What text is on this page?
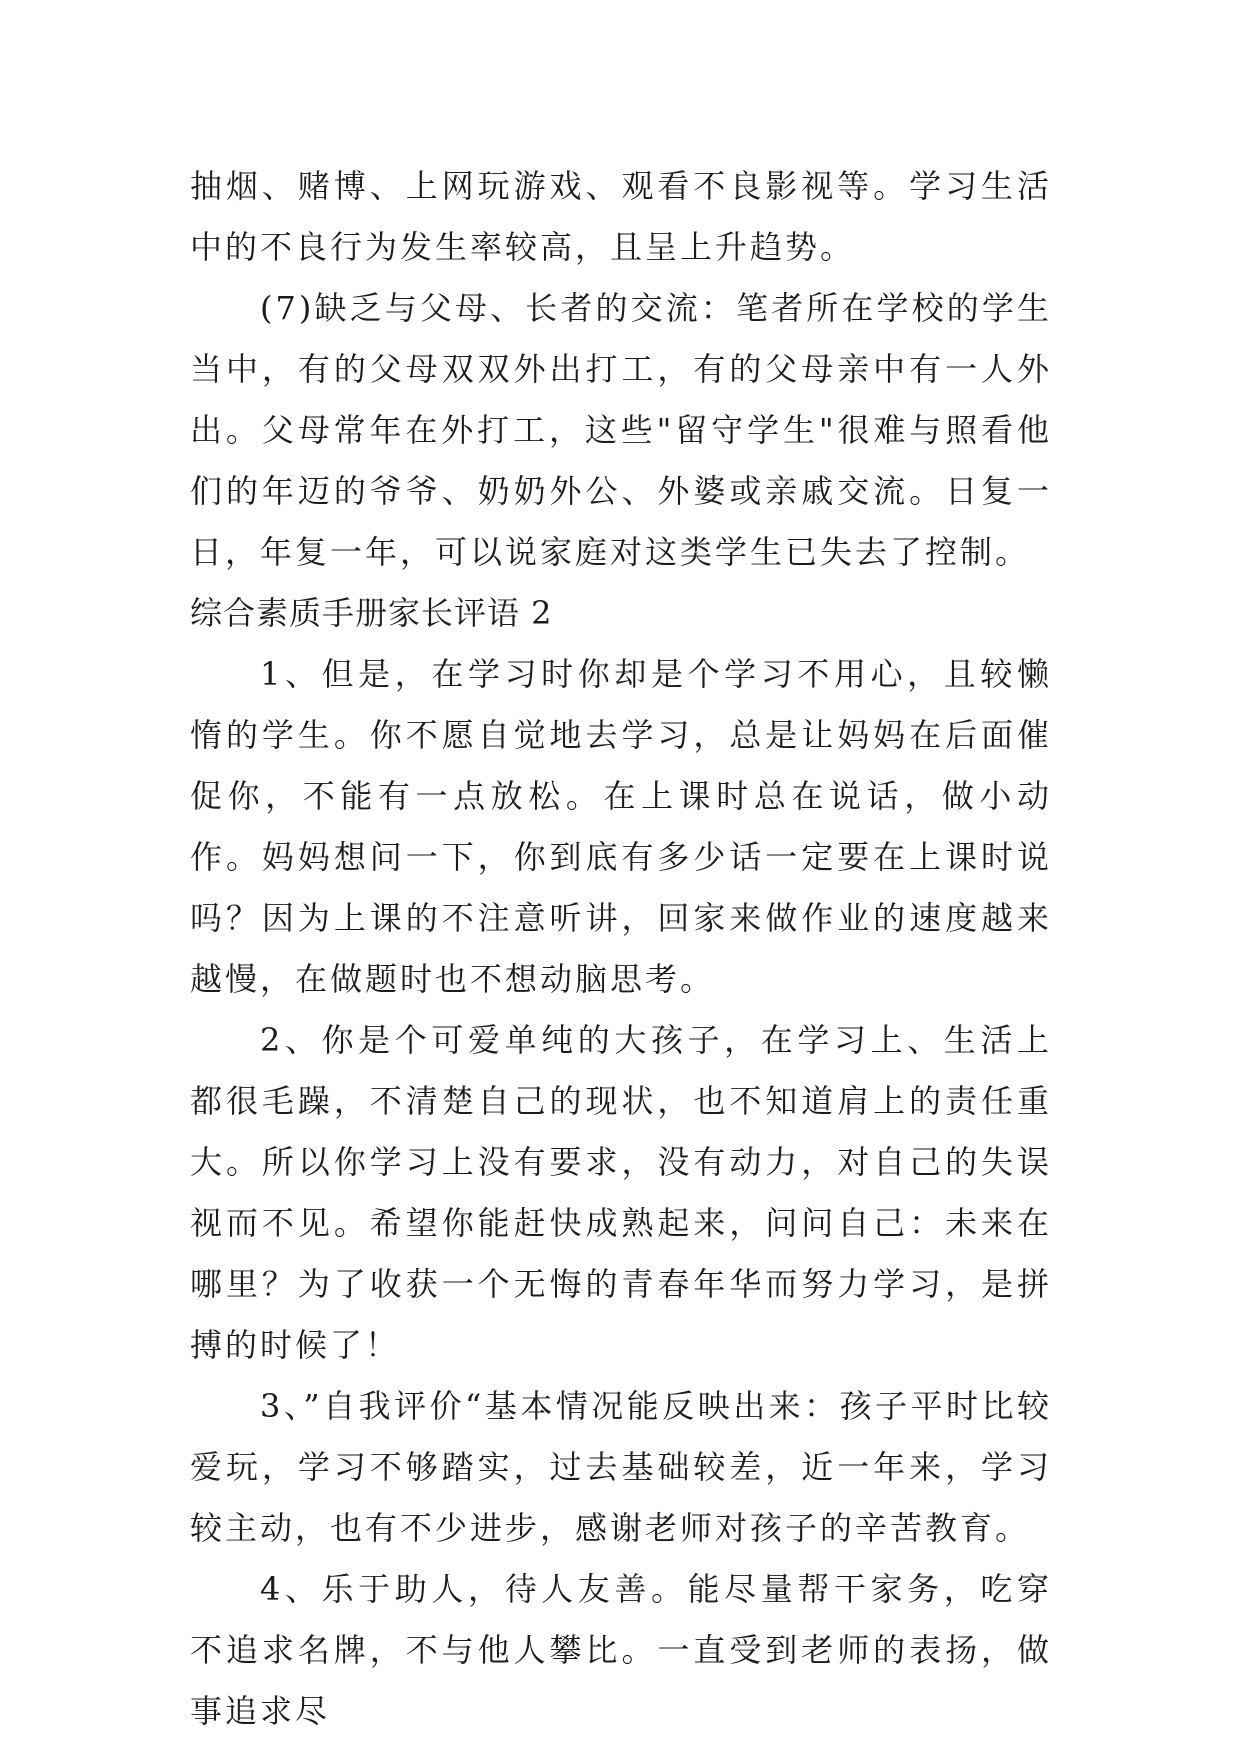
抽烟、赌博、上网玩游戏、观看不良影视等。学习生活中的不良行为发生率较高，且呈上升趋势。

(7)缺乏与父母、长者的交流：笔者所在学校的学生当中，有的父母双双外出打工，有的父母亲中有一人外出。父母常年在外打工，这些"留守学生"很难与照看他们的年迈的爷爷、奶奶外公、外婆或亲戚交流。日复一日，年复一年，可以说家庭对这类学生已失去了控制。

综合素质手册家长评语 2

1、但是，在学习时你却是个学习不用心，且较懒惰的学生。你不愿自觉地去学习，总是让妈妈在后面催促你，不能有一点放松。在上课时总在说话，做小动作。妈妈想问一下，你到底有多少话一定要在上课时说吗？因为上课的不注意听讲，回家来做作业的速度越来越慢，在做题时也不想动脑思考。

2、你是个可爱单纯的大孩子，在学习上、生活上都很毛躁，不清楚自己的现状，也不知道肩上的责任重大。所以你学习上没有要求，没有动力，对自己的失误视而不见。希望你能赶快成熟起来，问问自己：未来在哪里？为了收获一个无悔的青春年华而努力学习，是拼搏的时候了！

3、”自我评价“基本情况能反映出来：孩子平时比较爱玩，学习不够踏实，过去基础较差，近一年来，学习较主动，也有不少进步，感谢老师对孩子的辛苦教育。

4、乐于助人，待人友善。能尽量帮干家务，吃穿不追求名牌，不与他人攀比。一直受到老师的表扬，做事追求尽
